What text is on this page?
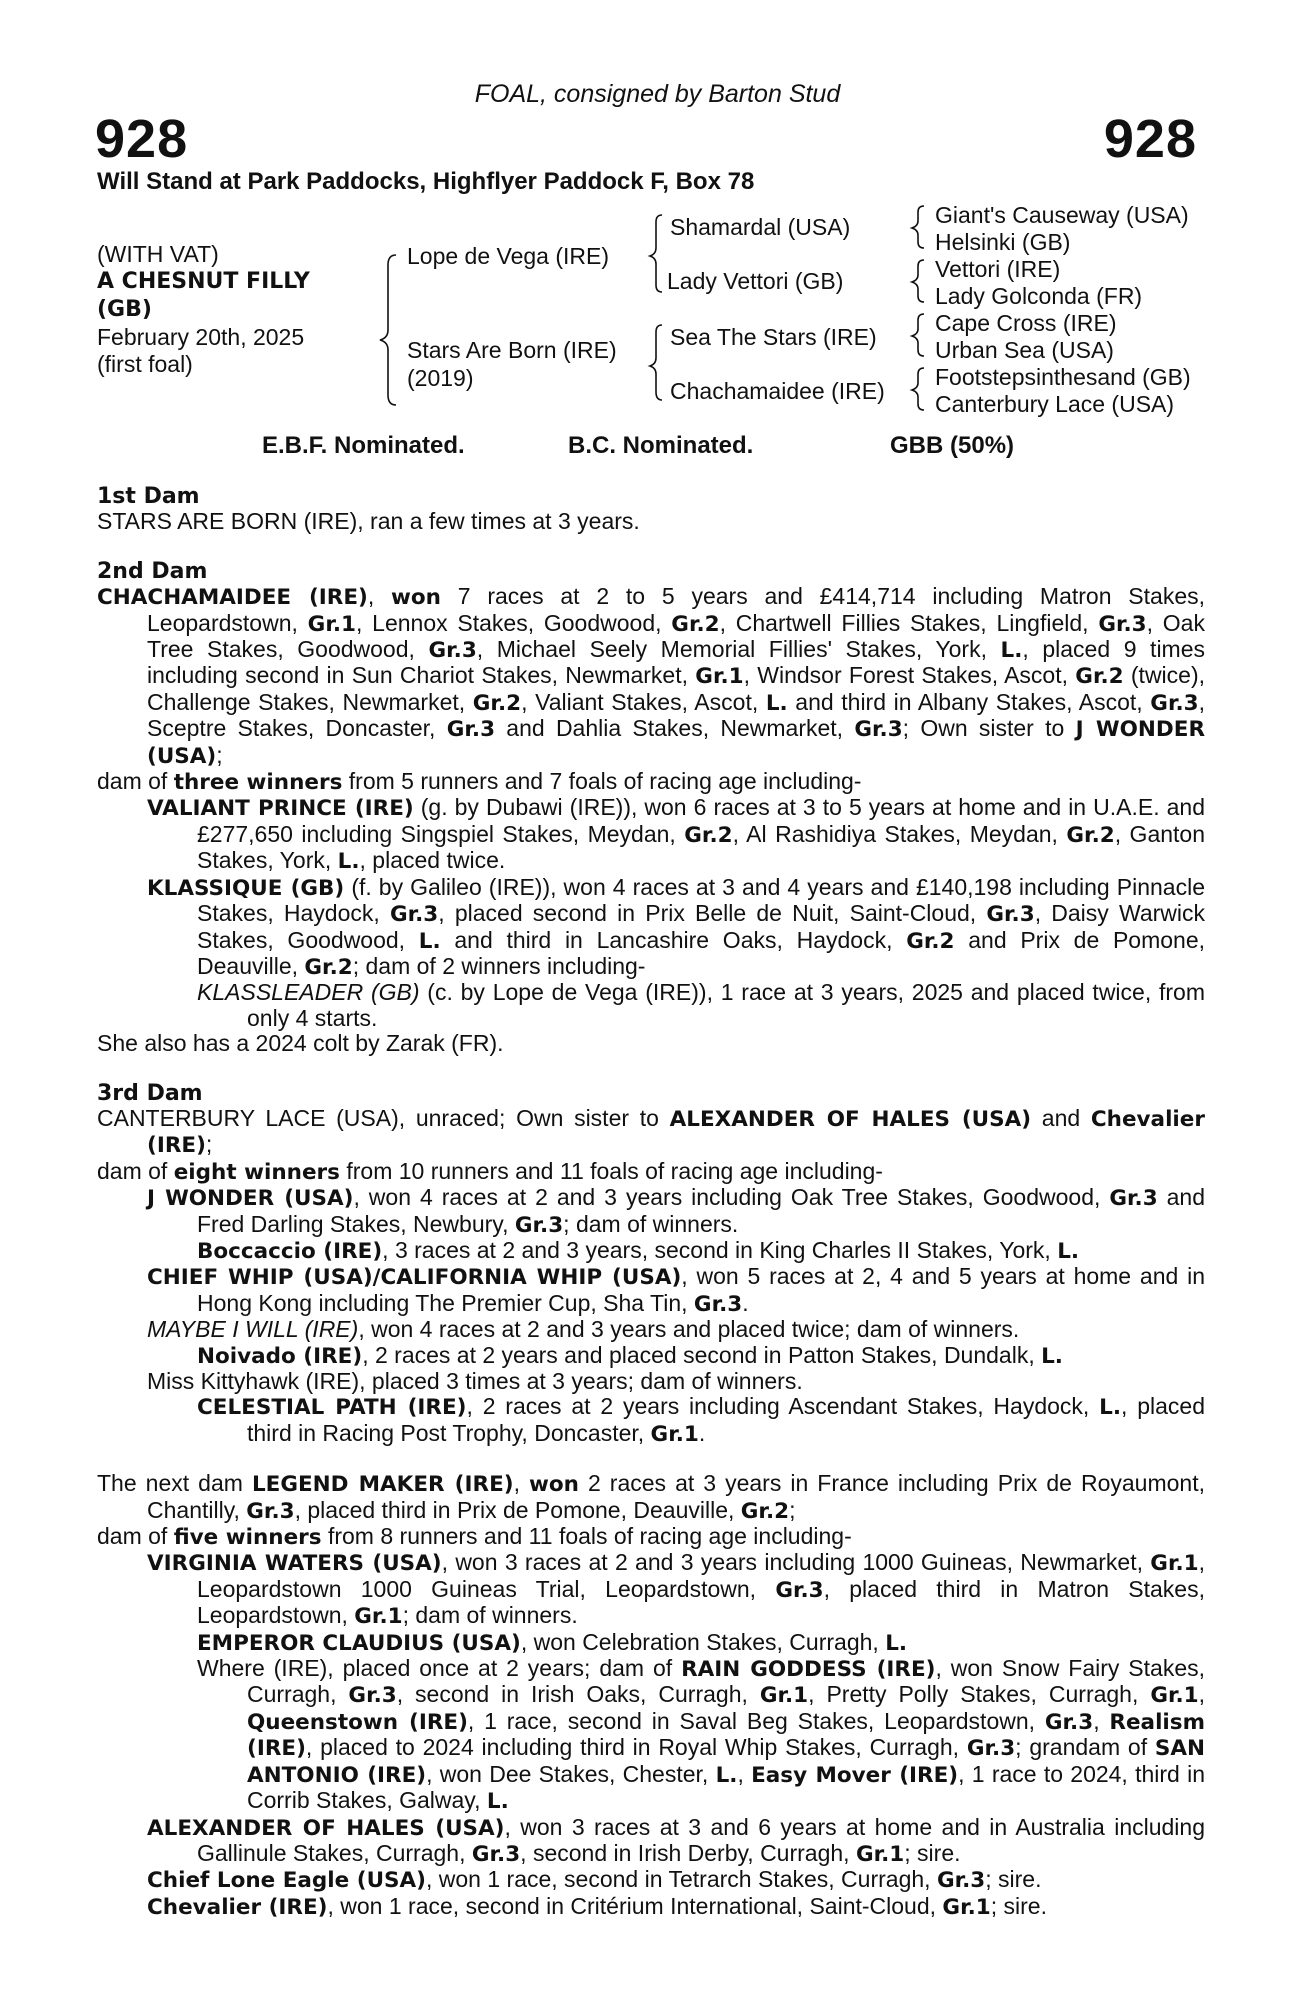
FOAL, consigned by Barton Stud
928	928
Will Stand at Park Paddocks, Highflyer Paddock F, Box 78
(WITH VAT)
A CHESNUT FILLY
(GB)
February 20th, 2025
(first foal)
Lope de Vega (IRE)
Stars Are Born (IRE)
(2019)
Shamardal (USA)
Lady Vettori (GB)
Sea The Stars (IRE)
Chachamaidee (IRE)
Giant's Causeway (USA)
Helsinki (GB)
Vettori (IRE)
Lady Golconda (FR)
Cape Cross (IRE)
Urban Sea (USA)
Footstepsinthesand (GB)
Canterbury Lace (USA)
E.B.F. Nominated.	B.C. Nominated.	GBB (50%)
1st Dam

STARS ARE BORN (IRE), ran a few times at 3 years.

2nd Dam

CHACHAMAIDEE (IRE), won 7 races at 2 to 5 years and £414,714 including Matron Stakes, Leopardstown, Gr.1, Lennox Stakes, Goodwood, Gr.2, Chartwell Fillies Stakes, Lingfield, Gr.3, Oak Tree Stakes, Goodwood, Gr.3, Michael Seely Memorial Fillies' Stakes, York, L., placed 9 times including second in Sun Chariot Stakes, Newmarket, Gr.1, Windsor Forest Stakes, Ascot, Gr.2 (twice), Challenge Stakes, Newmarket, Gr.2, Valiant Stakes, Ascot, L. and third in Albany Stakes, Ascot, Gr.3, Sceptre Stakes, Doncaster, Gr.3 and Dahlia Stakes, Newmarket, Gr.3; Own sister to J WONDER (USA);

dam of three winners from 5 runners and 7 foals of racing age including-

VALIANT PRINCE (IRE) (g. by Dubawi (IRE)), won 6 races at 3 to 5 years at home and in U.A.E. and £277,650 including Singspiel Stakes, Meydan, Gr.2, Al Rashidiya Stakes, Meydan, Gr.2, Ganton Stakes, York, L., placed twice.

KLASSIQUE (GB) (f. by Galileo (IRE)), won 4 races at 3 and 4 years and £140,198 including Pinnacle Stakes, Haydock, Gr.3, placed second in Prix Belle de Nuit, Saint-Cloud, Gr.3, Daisy Warwick Stakes, Goodwood, L. and third in Lancashire Oaks, Haydock, Gr.2 and Prix de Pomone, Deauville, Gr.2; dam of 2 winners including-

KLASSLEADER (GB) (c. by Lope de Vega (IRE)), 1 race at 3 years, 2025 and placed twice, from only 4 starts.

She also has a 2024 colt by Zarak (FR).

3rd Dam

CANTERBURY LACE (USA), unraced; Own sister to ALEXANDER OF HALES (USA) and Chevalier (IRE);

dam of eight winners from 10 runners and 11 foals of racing age including-

J WONDER (USA), won 4 races at 2 and 3 years including Oak Tree Stakes, Goodwood, Gr.3 and Fred Darling Stakes, Newbury, Gr.3; dam of winners.

Boccaccio (IRE), 3 races at 2 and 3 years, second in King Charles II Stakes, York, L.

CHIEF WHIP (USA)/CALIFORNIA WHIP (USA), won 5 races at 2, 4 and 5 years at home and in Hong Kong including The Premier Cup, Sha Tin, Gr.3.

MAYBE I WILL (IRE), won 4 races at 2 and 3 years and placed twice; dam of winners.

Noivado (IRE), 2 races at 2 years and placed second in Patton Stakes, Dundalk, L.

Miss Kittyhawk (IRE), placed 3 times at 3 years; dam of winners.

CELESTIAL PATH (IRE), 2 races at 2 years including Ascendant Stakes, Haydock, L., placed third in Racing Post Trophy, Doncaster, Gr.1.

The next dam LEGEND MAKER (IRE), won 2 races at 3 years in France including Prix de Royaumont, Chantilly, Gr.3, placed third in Prix de Pomone, Deauville, Gr.2;

dam of five winners from 8 runners and 11 foals of racing age including-

VIRGINIA WATERS (USA), won 3 races at 2 and 3 years including 1000 Guineas, Newmarket, Gr.1, Leopardstown 1000 Guineas Trial, Leopardstown, Gr.3, placed third in Matron Stakes, Leopardstown, Gr.1; dam of winners.

EMPEROR CLAUDIUS (USA), won Celebration Stakes, Curragh, L.

Where (IRE), placed once at 2 years; dam of RAIN GODDESS (IRE), won Snow Fairy Stakes, Curragh, Gr.3, second in Irish Oaks, Curragh, Gr.1, Pretty Polly Stakes, Curragh, Gr.1, Queenstown (IRE), 1 race, second in Saval Beg Stakes, Leopardstown, Gr.3, Realism (IRE), placed to 2024 including third in Royal Whip Stakes, Curragh, Gr.3; grandam of SAN ANTONIO (IRE), won Dee Stakes, Chester, L., Easy Mover (IRE), 1 race to 2024, third in Corrib Stakes, Galway, L.

ALEXANDER OF HALES (USA), won 3 races at 3 and 6 years at home and in Australia including Gallinule Stakes, Curragh, Gr.3, second in Irish Derby, Curragh, Gr.1; sire.

Chief Lone Eagle (USA), won 1 race, second in Tetrarch Stakes, Curragh, Gr.3; sire.

Chevalier (IRE), won 1 race, second in Critérium International, Saint-Cloud, Gr.1; sire.
